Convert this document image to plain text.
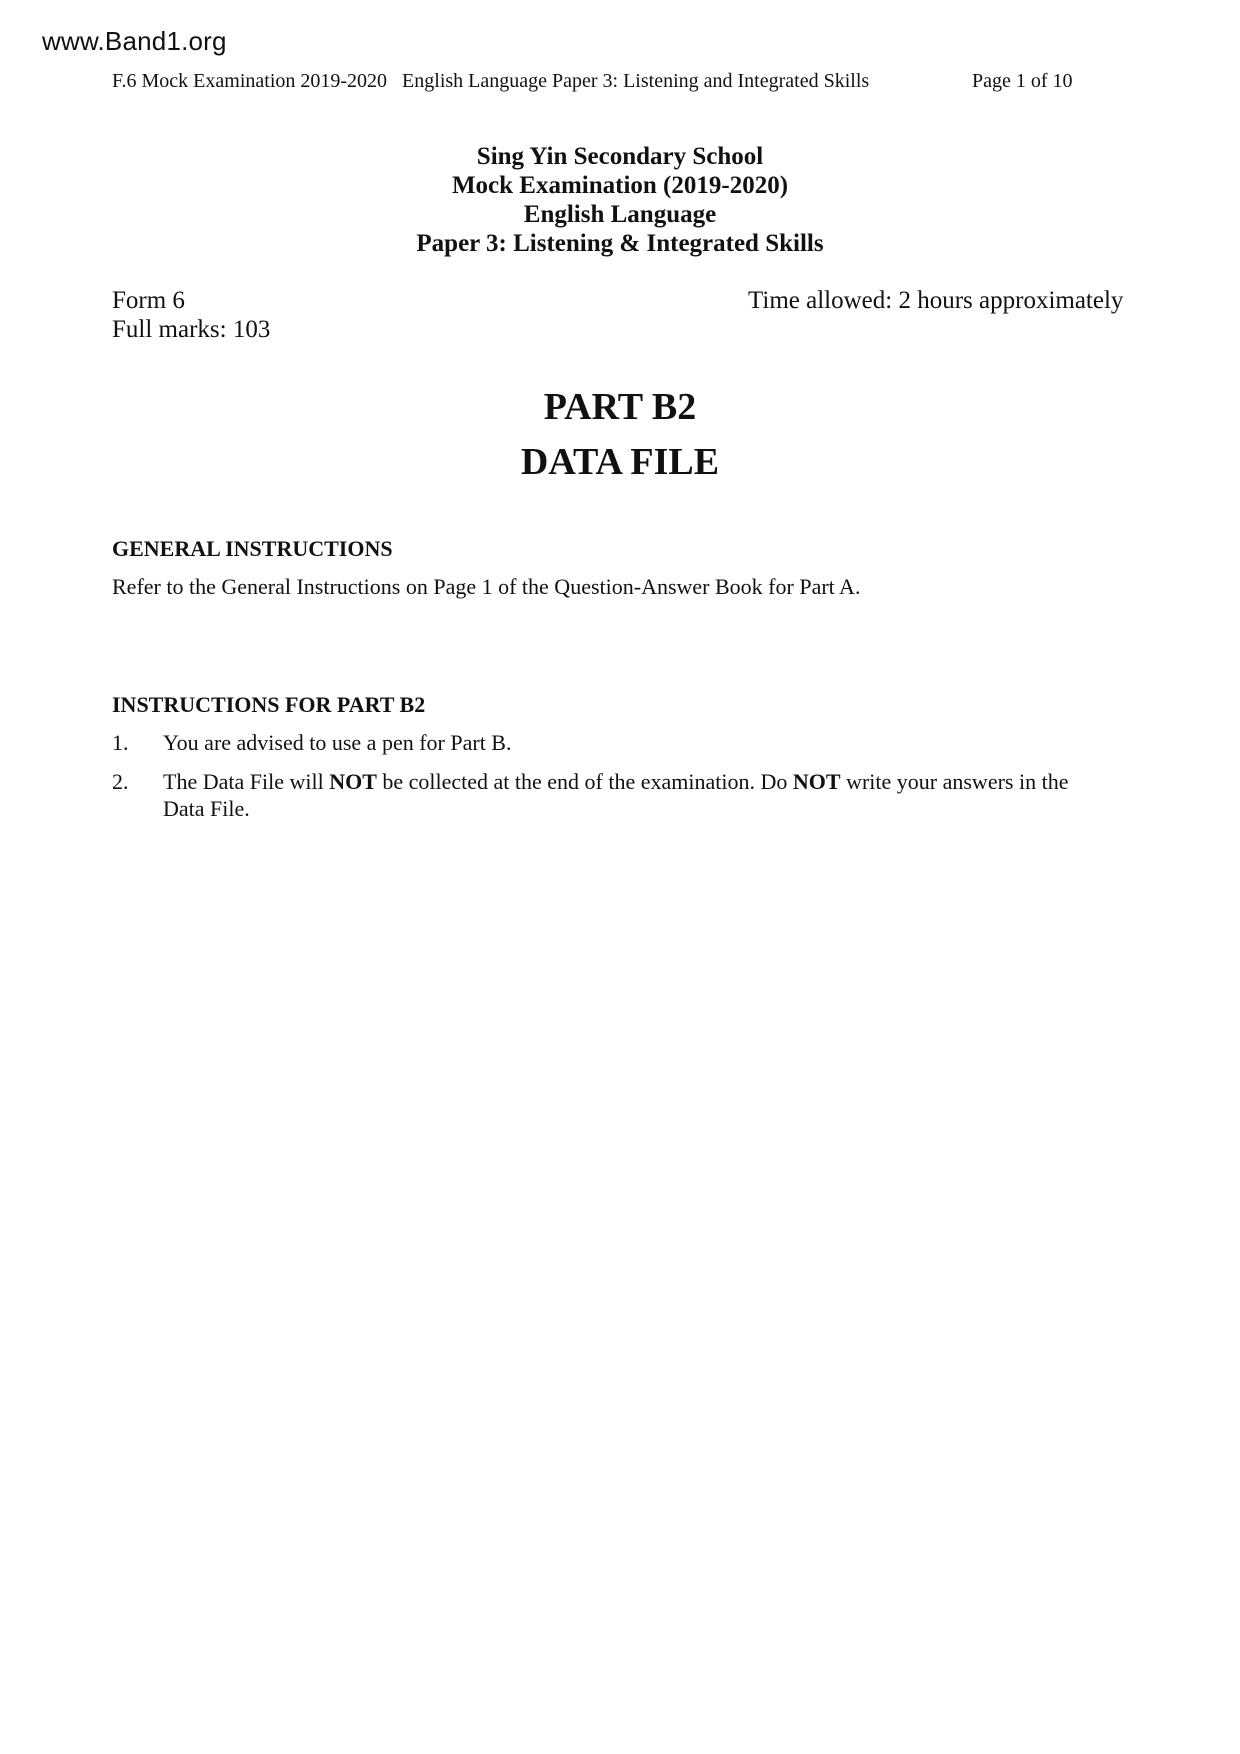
www.Band1.org
F.6 Mock Examination 2019-2020   English Language Paper 3: Listening and Integrated Skills	Page 1 of 10
Sing Yin Secondary School
Mock Examination (2019-2020)
English Language
Paper 3: Listening & Integrated Skills
Form 6
Full marks: 103
Time allowed: 2 hours approximately
PART B2
DATA FILE
GENERAL INSTRUCTIONS
Refer to the General Instructions on Page 1 of the Question-Answer Book for Part A.
INSTRUCTIONS FOR PART B2
1. You are advised to use a pen for Part B.
2. The Data File will NOT be collected at the end of the examination. Do NOT write your answers in the Data File.
